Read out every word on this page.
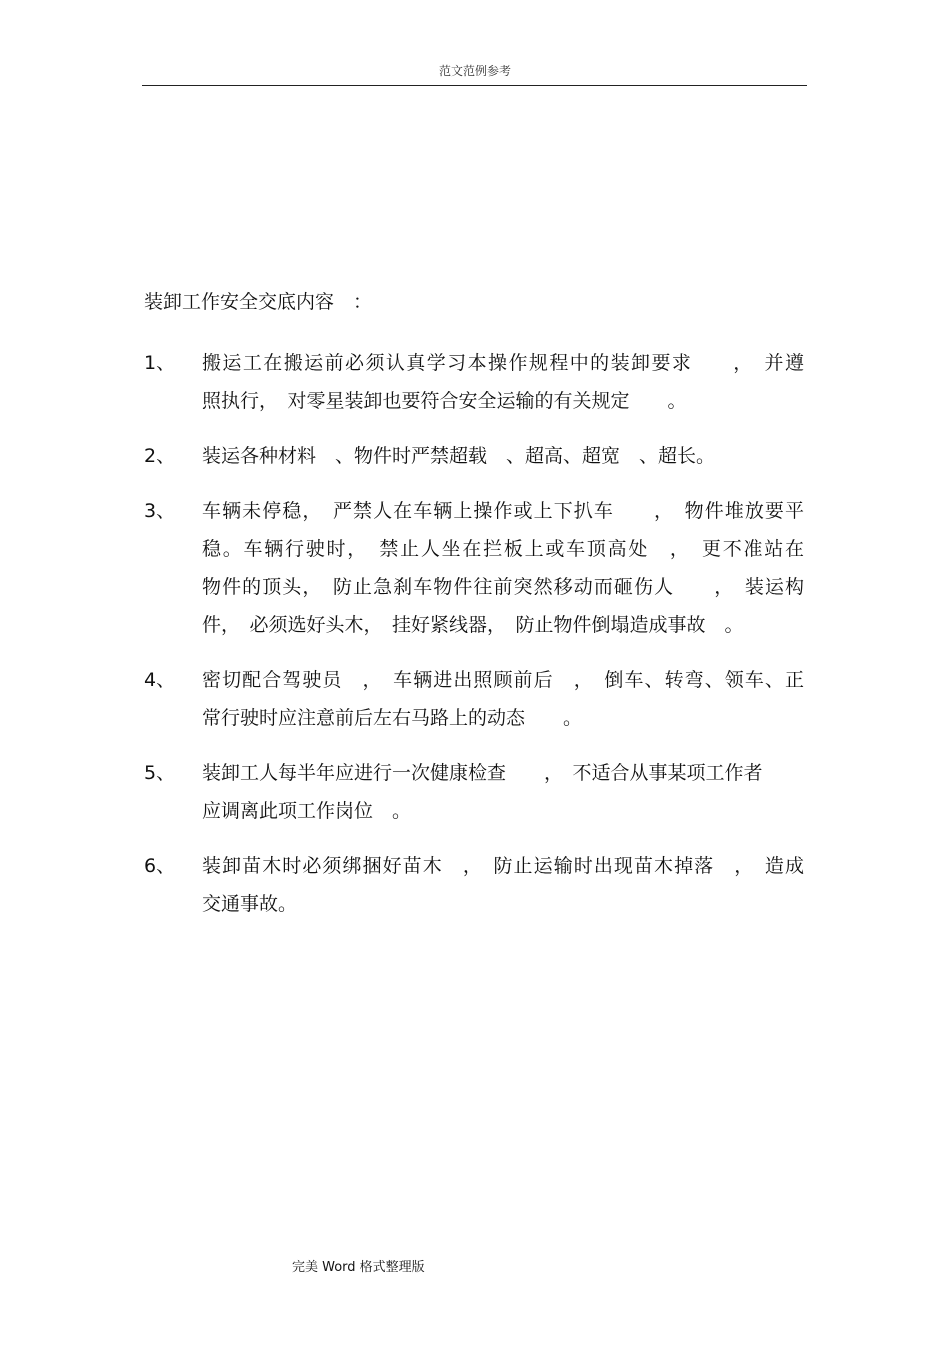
范文范例参考
装卸工作安全交底内容　：
1、 搬运工在搬运前必须认真学习本操作规程中的装卸要求　　，　并遵
照执行，　对零星装卸也要符合安全运输的有关规定　　。
2、 装运各种材料　、物件时严禁超载　、超高、超宽　、超长。
3、 车辆未停稳，　严禁人在车辆上操作或上下扒车　　，　物件堆放要平
稳。车辆行驶时，　禁止人坐在拦板上或车顶高处　，　更不准站在
物件的顶头，　防止急刹车物件往前突然移动而砸伤人　　，　装运构
件，　必须选好头木，　挂好紧线器，　防止物件倒塌造成事故　。
4、 密切配合驾驶员　，　车辆进出照顾前后　，　倒车、转弯、领车、正
常行驶时应注意前后左右马路上的动态　　。
5、 装卸工人每半年应进行一次健康检查　　，　不适合从事某项工作者
应调离此项工作岗位　。
6、 装卸苗木时必须绑捆好苗木　，　防止运输时出现苗木掉落　，　造成
交通事故。
完美 Word 格式整理版
